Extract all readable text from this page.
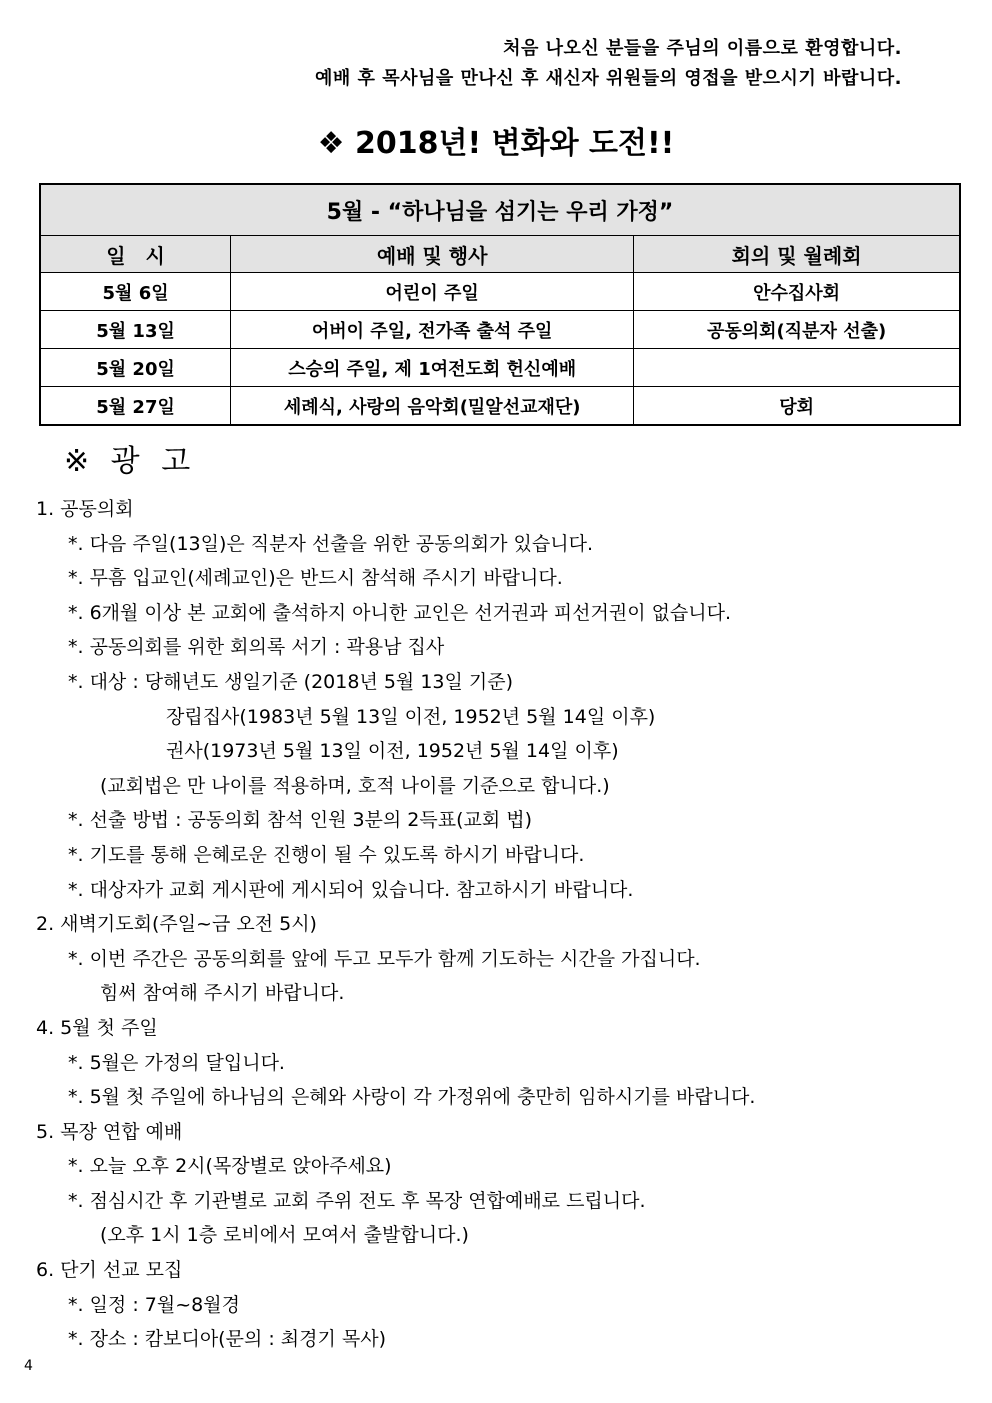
처음 나오신 분들을 주님의 이름으로 환영합니다.
예배 후 목사님을 만나신 후 새신자 위원들의 영접을 받으시기 바랍니다.
❖ 2018년! 변화와 도전!!
5월 - “하나님을 섬기는 우리 가정”		
일　시	예배 및 행사	회의 및 월례회
5월 6일	어린이 주일	안수집사회
5월 13일	어버이 주일, 전가족 출석 주일	공동의회(직분자 선출)
5월 20일	스승의 주일, 제 1여전도회 헌신예배	
5월 27일	세례식, 사랑의 음악회(밀알선교재단)	당회
※ 광 고
1. 공동의회
*. 다음 주일(13일)은 직분자 선출을 위한 공동의회가 있습니다.
*. 무흠 입교인(세례교인)은 반드시 참석해 주시기 바랍니다.
*. 6개월 이상 본 교회에 출석하지 아니한 교인은 선거권과 피선거권이 없습니다.
*. 공동의회를 위한 회의록 서기 : 곽용남 집사
*. 대상 : 당해년도 생일기준 (2018년 5월 13일 기준)
장립집사(1983년 5월 13일 이전, 1952년 5월 14일 이후)
권사(1973년 5월 13일 이전, 1952년 5월 14일 이후)
(교회법은 만 나이를 적용하며, 호적 나이를 기준으로 합니다.)
*. 선출 방법 : 공동의회 참석 인원 3분의 2득표(교회 법)
*. 기도를 통해 은혜로운 진행이 될 수 있도록 하시기 바랍니다.
*. 대상자가 교회 게시판에 게시되어 있습니다. 참고하시기 바랍니다.
2. 새벽기도회(주일~금 오전 5시)
*. 이번 주간은 공동의회를 앞에 두고 모두가 함께 기도하는 시간을 가집니다.
힘써 참여해 주시기 바랍니다.
4. 5월 첫 주일
*. 5월은 가정의 달입니다.
*. 5월 첫 주일에 하나님의 은혜와 사랑이 각 가정위에 충만히 임하시기를 바랍니다.
5. 목장 연합 예배
*. 오늘 오후 2시(목장별로 앉아주세요)
*. 점심시간 후 기관별로 교회 주위 전도 후 목장 연합예배로 드립니다.
(오후 1시 1층 로비에서 모여서 출발합니다.)
6. 단기 선교 모집
*. 일정 : 7월~8월경
*. 장소 : 캄보디아(문의 : 최경기 목사)
4
